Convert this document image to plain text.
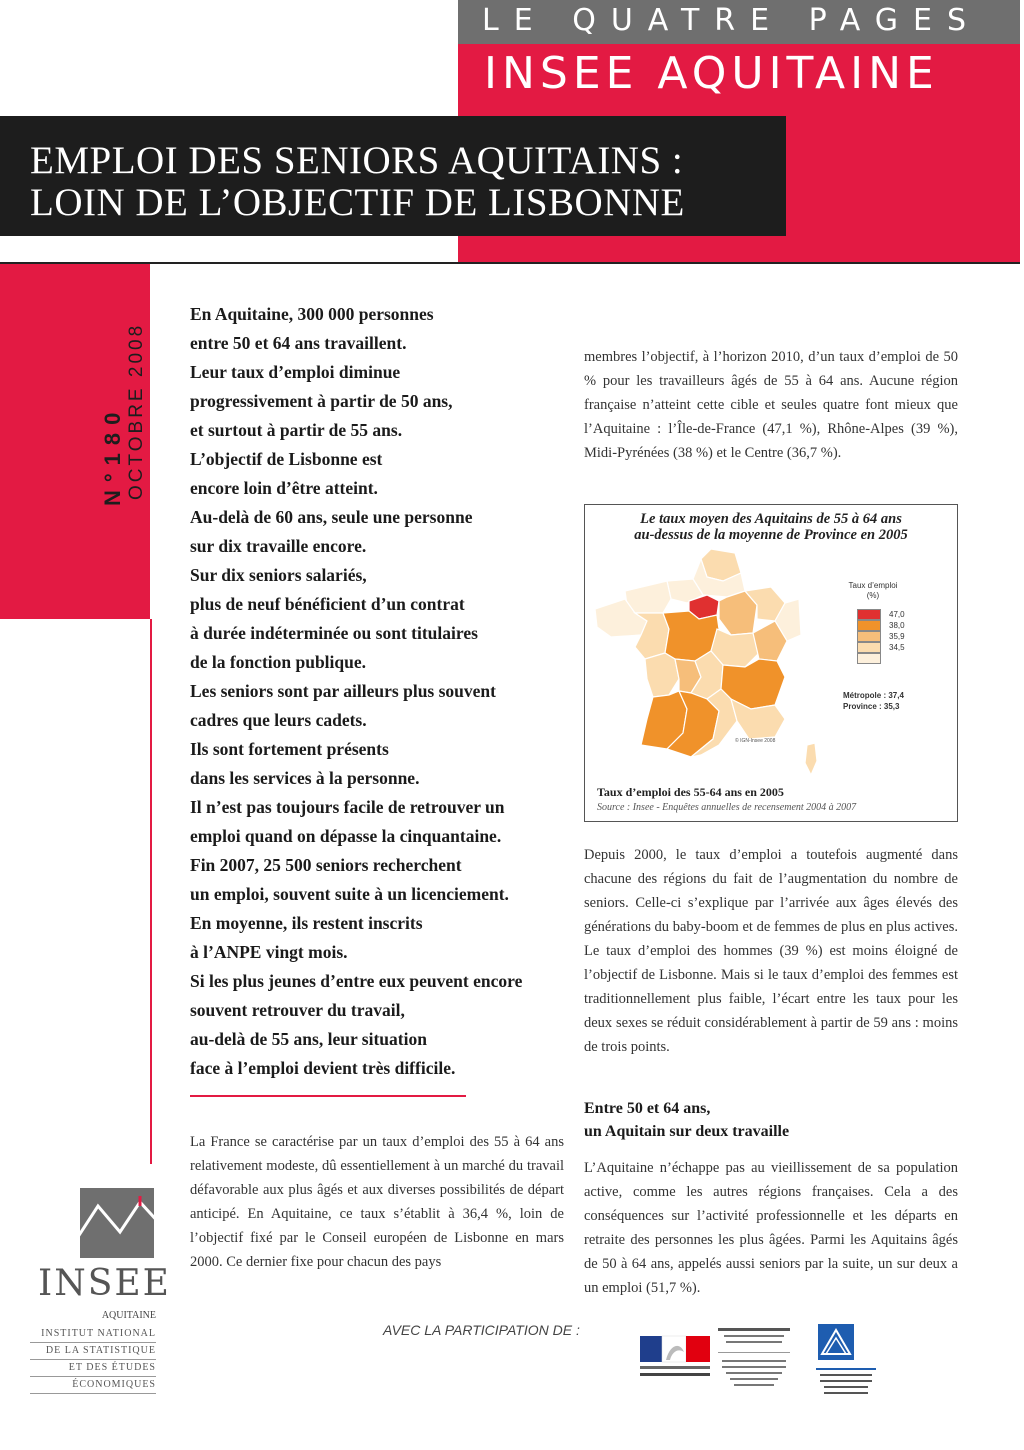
LE QUATRE PAGES
INSEE AQUITAINE
EMPLOI DES SENIORS AQUITAINS :
LOIN DE L’OBJECTIF DE LISBONNE
N°180 OCTOBRE 2008
En Aquitaine, 300 000 personnes
entre 50 et 64 ans travaillent.
Leur taux d’emploi diminue
progressivement à partir de 50 ans,
et surtout à partir de 55 ans.
L’objectif de Lisbonne est
encore loin d’être atteint.
Au-delà de 60 ans, seule une personne
sur dix travaille encore.
Sur dix seniors salariés,
plus de neuf bénéficient d’un contrat
à durée indéterminée ou sont titulaires
de la fonction publique.
Les seniors sont par ailleurs plus souvent
cadres que leurs cadets.
Ils sont fortement présents
dans les services à la personne.
Il n’est pas toujours facile de retrouver un
emploi quand on dépasse la cinquantaine.
Fin 2007, 25 500 seniors recherchent
un emploi, souvent suite à un licenciement.
En moyenne, ils restent inscrits
à l’ANPE vingt mois.
Si les plus jeunes d’entre eux peuvent encore
souvent retrouver du travail,
au-delà de 55 ans, leur situation
face à l’emploi devient très difficile.
La France se caractérise par un taux d’emploi des 55 à 64 ans relativement modeste, dû essentiellement à un marché du travail défavorable aux plus âgés et aux diverses possibilités de départ anticipé. En Aquitaine, ce taux s’établit à 36,4 %, loin de l’objectif fixé par le Conseil européen de Lisbonne en mars 2000. Ce dernier fixe pour chacun des pays
membres l’objectif, à l’horizon 2010, d’un taux d’emploi de 50 % pour les travailleurs âgés de 55 à 64 ans. Aucune région française n’atteint cette cible et seules quatre font mieux que l’Aquitaine : l’Île-de-France (47,1 %), Rhône-Alpes (39 %), Midi-Pyrénées (38 %) et le Centre (36,7 %).
Le taux moyen des Aquitains de 55 à 64 ans
au-dessus de la moyenne de Province en 2005
Taux d’emploi
(%)
47,0
38,0
35,9
34,5
Métropole : 37,4
Province : 35,3
© IGN-Insee 2008
Taux d’emploi des 55-64 ans en 2005
Source : Insee - Enquêtes annuelles de recensement 2004 à 2007
Depuis 2000, le taux d’emploi a toutefois augmenté dans chacune des régions du fait de l’augmentation du nombre de seniors. Celle-ci s’explique par l’arrivée aux âges élevés des générations du baby-boom et de femmes de plus en plus actives. Le taux d’emploi des hommes (39 %) est moins éloigné de l’objectif de Lisbonne. Mais si le taux d’emploi des femmes est traditionnellement plus faible, l’écart entre les taux pour les deux sexes se réduit considérablement à partir de 59 ans : moins de trois points.
Entre 50 et 64 ans,
un Aquitain sur deux travaille
L’Aquitaine n’échappe pas au vieillissement de sa population active, comme les autres régions françaises. Cela a des conséquences sur l’activité professionnelle et les départs en retraite des personnes les plus âgées. Parmi les Aquitains âgés de 50 à 64 ans, appelés aussi seniors par la suite, un sur deux a un emploi (51,7 %).
INSEE
AQUITAINE
INSTITUT NATIONAL
DE LA STATISTIQUE
ET DES ÉTUDES
ÉCONOMIQUES
AVEC LA PARTICIPATION DE :
